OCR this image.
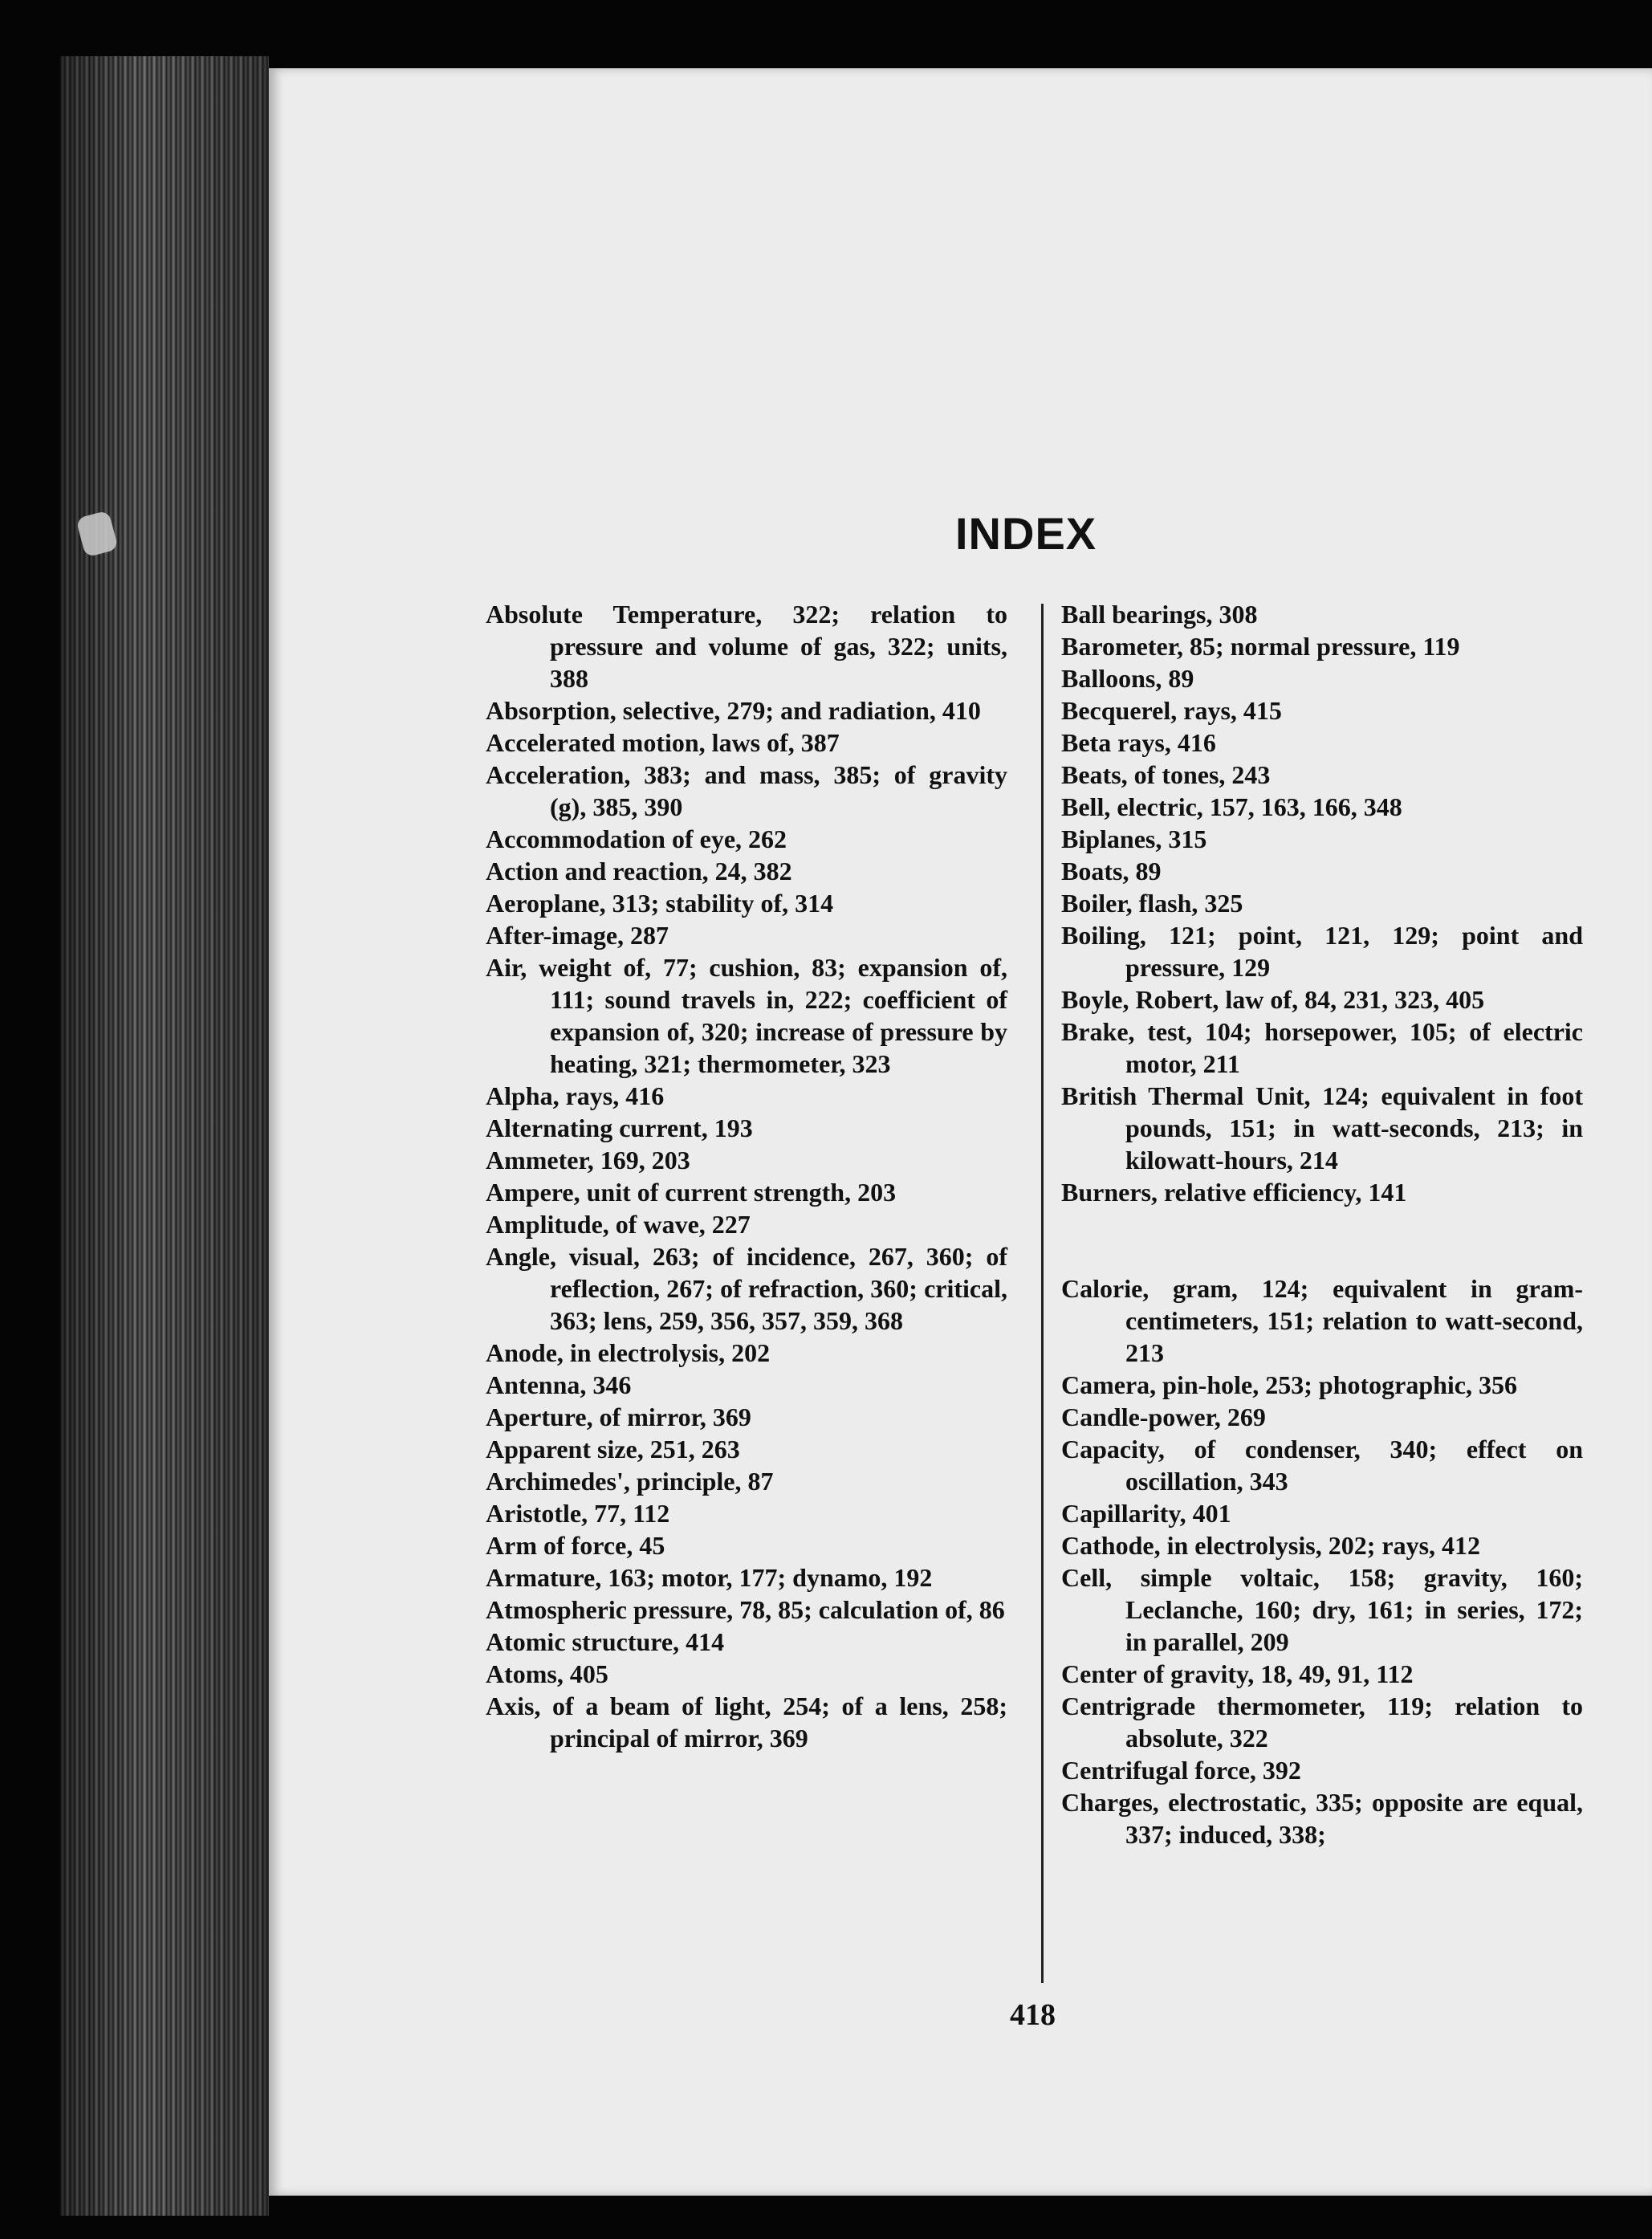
INDEX
Absolute Temperature, 322; relation to pressure and volume of gas, 322; units, 388
Absorption, selective, 279; and radiation, 410
Accelerated motion, laws of, 387
Acceleration, 383; and mass, 385; of gravity (g), 385, 390
Accommodation of eye, 262
Action and reaction, 24, 382
Aeroplane, 313; stability of, 314
After-image, 287
Air, weight of, 77; cushion, 83; expansion of, 111; sound travels in, 222; coefficient of expansion of, 320; increase of pressure by heating, 321; thermometer, 323
Alpha, rays, 416
Alternating current, 193
Ammeter, 169, 203
Ampere, unit of current strength, 203
Amplitude, of wave, 227
Angle, visual, 263; of incidence, 267, 360; of reflection, 267; of refraction, 360; critical, 363; lens, 259, 356, 357, 359, 368
Anode, in electrolysis, 202
Antenna, 346
Aperture, of mirror, 369
Apparent size, 251, 263
Archimedes', principle, 87
Aristotle, 77, 112
Arm of force, 45
Armature, 163; motor, 177; dynamo, 192
Atmospheric pressure, 78, 85; calculation of, 86
Atomic structure, 414
Atoms, 405
Axis, of a beam of light, 254; of a lens, 258; principal of mirror, 369
Ball bearings, 308
Barometer, 85; normal pressure, 119
Balloons, 89
Becquerel, rays, 415
Beta rays, 416
Beats, of tones, 243
Bell, electric, 157, 163, 166, 348
Biplanes, 315
Boats, 89
Boiler, flash, 325
Boiling, 121; point, 121, 129; point and pressure, 129
Boyle, Robert, law of, 84, 231, 323, 405
Brake, test, 104; horsepower, 105; of electric motor, 211
British Thermal Unit, 124; equivalent in foot pounds, 151; in watt-seconds, 213; in kilowatt-hours, 214
Burners, relative efficiency, 141
Calorie, gram, 124; equivalent in gram-centimeters, 151; relation to watt-second, 213
Camera, pin-hole, 253; photographic, 356
Candle-power, 269
Capacity, of condenser, 340; effect on oscillation, 343
Capillarity, 401
Cathode, in electrolysis, 202; rays, 412
Cell, simple voltaic, 158; gravity, 160; Leclanche, 160; dry, 161; in series, 172; in parallel, 209
Center of gravity, 18, 49, 91, 112
Centrigrade thermometer, 119; relation to absolute, 322
Centrifugal force, 392
Charges, electrostatic, 335; opposite are equal, 337; induced, 338;
418
